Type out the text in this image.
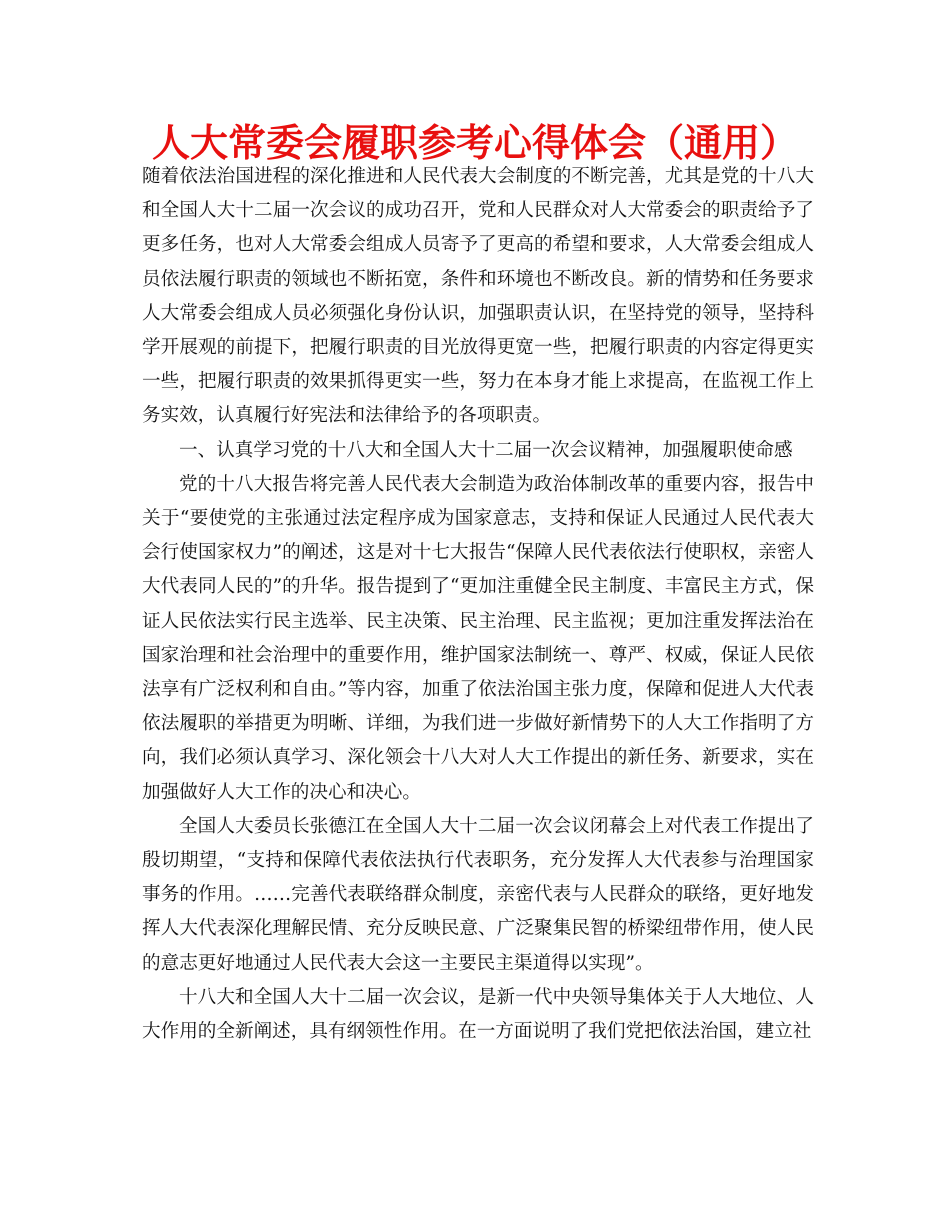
人大常委会履职参考心得体会（通用）

随着依法治国进程的深化推进和人民代表大会制度的不断完善，尤其是党的十八大和全国人大十二届一次会议的成功召开，党和人民群众对人大常委会的职责给予了更多任务，也对人大常委会组成人员寄予了更高的希望和要求，人大常委会组成人员依法履行职责的领域也不断拓宽，条件和环境也不断改良。新的情势和任务要求人大常委会组成人员必须强化身份认识，加强职责认识，在坚持党的领导，坚持科学开展观的前提下，把履行职责的目光放得更宽一些，把履行职责的内容定得更实一些，把履行职责的效果抓得更实一些，努力在本身才能上求提高，在监视工作上务实效，认真履行好宪法和法律给予的各项职责。

一、认真学习党的十八大和全国人大十二届一次会议精神，加强履职使命感

党的十八大报告将完善人民代表大会制造为政治体制改革的重要内容，报告中关于“要使党的主张通过法定程序成为国家意志，支持和保证人民通过人民代表大会行使国家权力”的阐述，这是对十七大报告“保障人民代表依法行使职权，亲密人大代表同人民的”的升华。报告提到了“更加注重健全民主制度、丰富民主方式，保证人民依法实行民主选举、民主决策、民主治理、民主监视；更加注重发挥法治在国家治理和社会治理中的重要作用，维护国家法制统一、尊严、权威，保证人民依法享有广泛权利和自由。”等内容，加重了依法治国主张力度，保障和促进人大代表依法履职的举措更为明晰、详细，为我们进一步做好新情势下的人大工作指明了方向，我们必须认真学习、深化领会十八大对人大工作提出的新任务、新要求，实在加强做好人大工作的决心和决心。

全国人大委员长张德江在全国人大十二届一次会议闭幕会上对代表工作提出了殷切期望，“支持和保障代表依法执行代表职务，充分发挥人大代表参与治理国家事务的作用。……完善代表联络群众制度，亲密代表与人民群众的联络，更好地发挥人大代表深化理解民情、充分反映民意、广泛聚集民智的桥梁纽带作用，使人民的意志更好地通过人民代表大会这一主要民主渠道得以实现”。

十八大和全国人大十二届一次会议，是新一代中央领导集体关于人大地位、人大作用的全新阐述，具有纲领性作用。在一方面说明了我们党把依法治国，建立社
